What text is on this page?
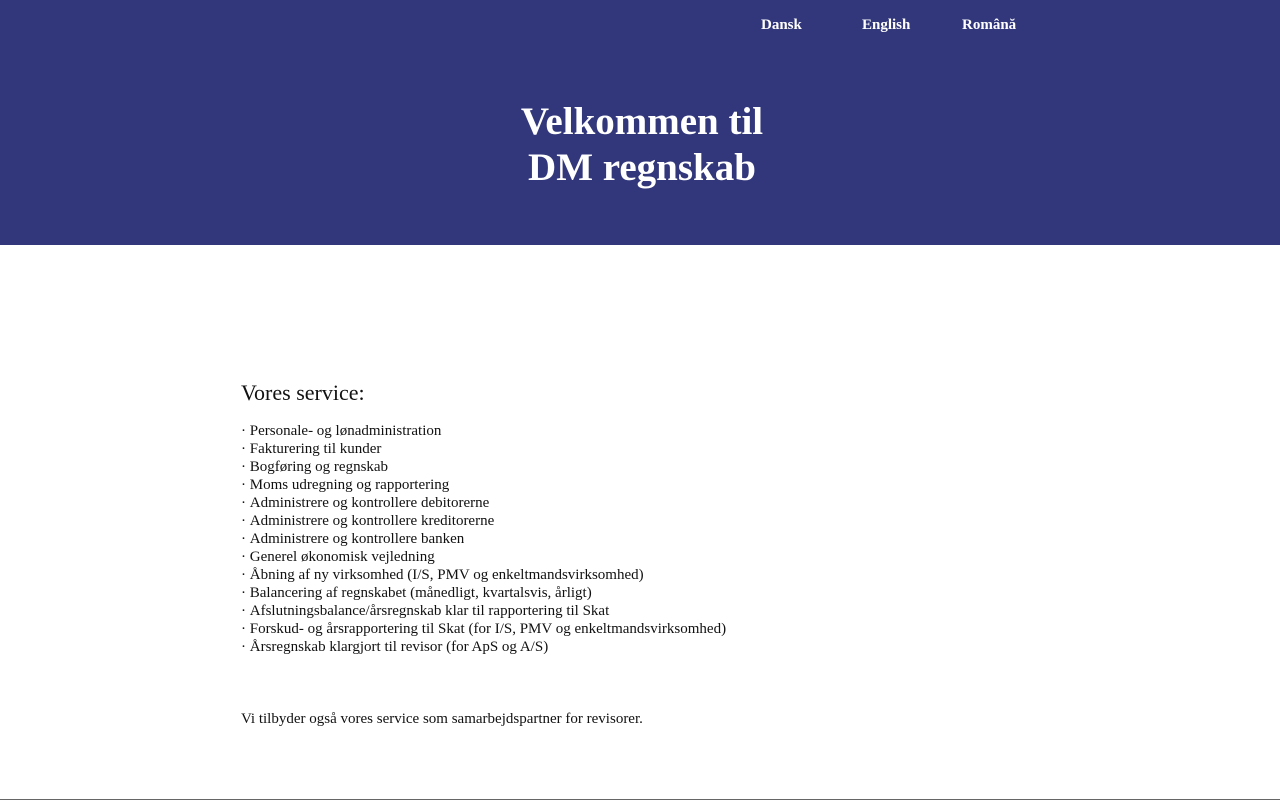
Dansk	English	Română
Velkommen til
DM regnskab
Vores service:
· Personale- og lønadministration
· Fakturering til kunder
· Bogføring og regnskab
· Moms udregning og rapportering
· Administrere og kontrollere debitorerne
· Administrere og kontrollere kreditorerne
· Administrere og kontrollere banken
· Generel økonomisk vejledning
· Åbning af ny virksomhed (I/S, PMV og enkeltmandsvirksomhed)
· Balancering af regnskabet (månedligt, kvartalsvis, årligt)
· Afslutningsbalance/årsregnskab klar til rapportering til Skat
· Forskud- og årsrapportering til Skat (for I/S, PMV og enkeltmandsvirksomhed)
· Årsregnskab klargjort til revisor (for ApS og A/S)

Vi tilbyder også vores service som samarbejdspartner for revisorer.
